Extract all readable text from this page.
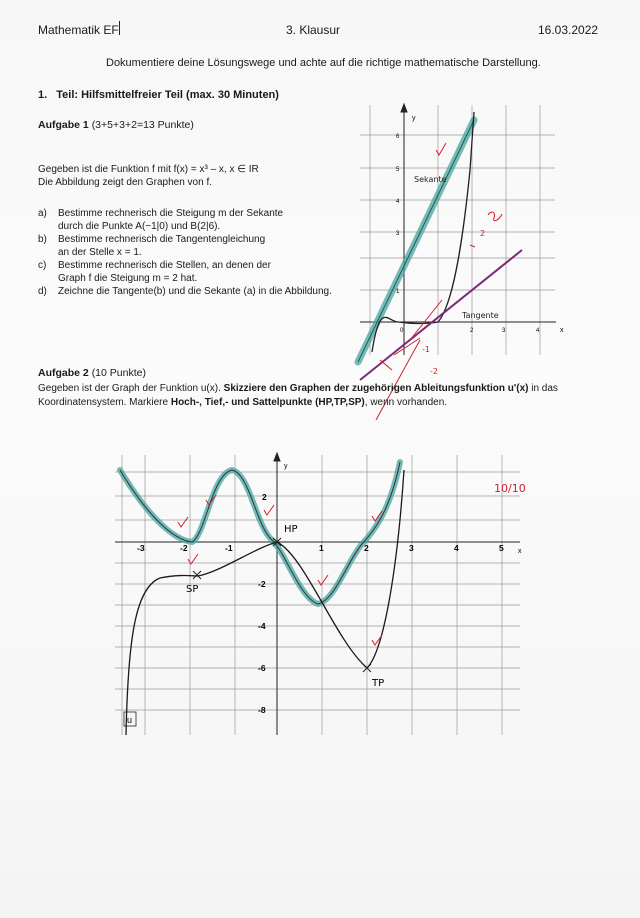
Mathematik EF	3. Klausur	16.03.2022
Dokumentiere deine Lösungswege und achte auf die richtige mathematische Darstellung.
1. Teil: Hilfsmittelfreier Teil (max. 30 Minuten)
Aufgabe 1 (3+5+3+2=13 Punkte)
Gegeben ist die Funktion f mit f(x) = x³ – x, x ∈ IR
Die Abbildung zeigt den Graphen von f.
a) Bestimme rechnerisch die Steigung m der Sekante
durch die Punkte A(−1|0) und B(2|6).
b) Bestimme rechnerisch die Tangentengleichung
an der Stelle x = 1.
c) Bestimme rechnerisch die Stellen, an denen der
Graph f die Steigung m = 2 hat.
d) Zeichne die Tangente(b) und die Sekante (a) in die Abbildung.
y
x
6
5
4
3
1
0	2	3	4
Sekante
Tangente
-1
-2
2
Aufgabe 2 (10 Punkte)
Gegeben ist der Graph der Funktion u(x). Skizziere den Graphen der zugehörigen Ableitungsfunktion u'(x) in das Koordinatensystem. Markiere Hoch-, Tief,- und Sattelpunkte (HP,TP,SP), wenn vorhanden.
y
x
-3	-2	-1	1	2	3	4	5
2
-2
-4
-6
-8
u
HP
SP
TP
10/10
